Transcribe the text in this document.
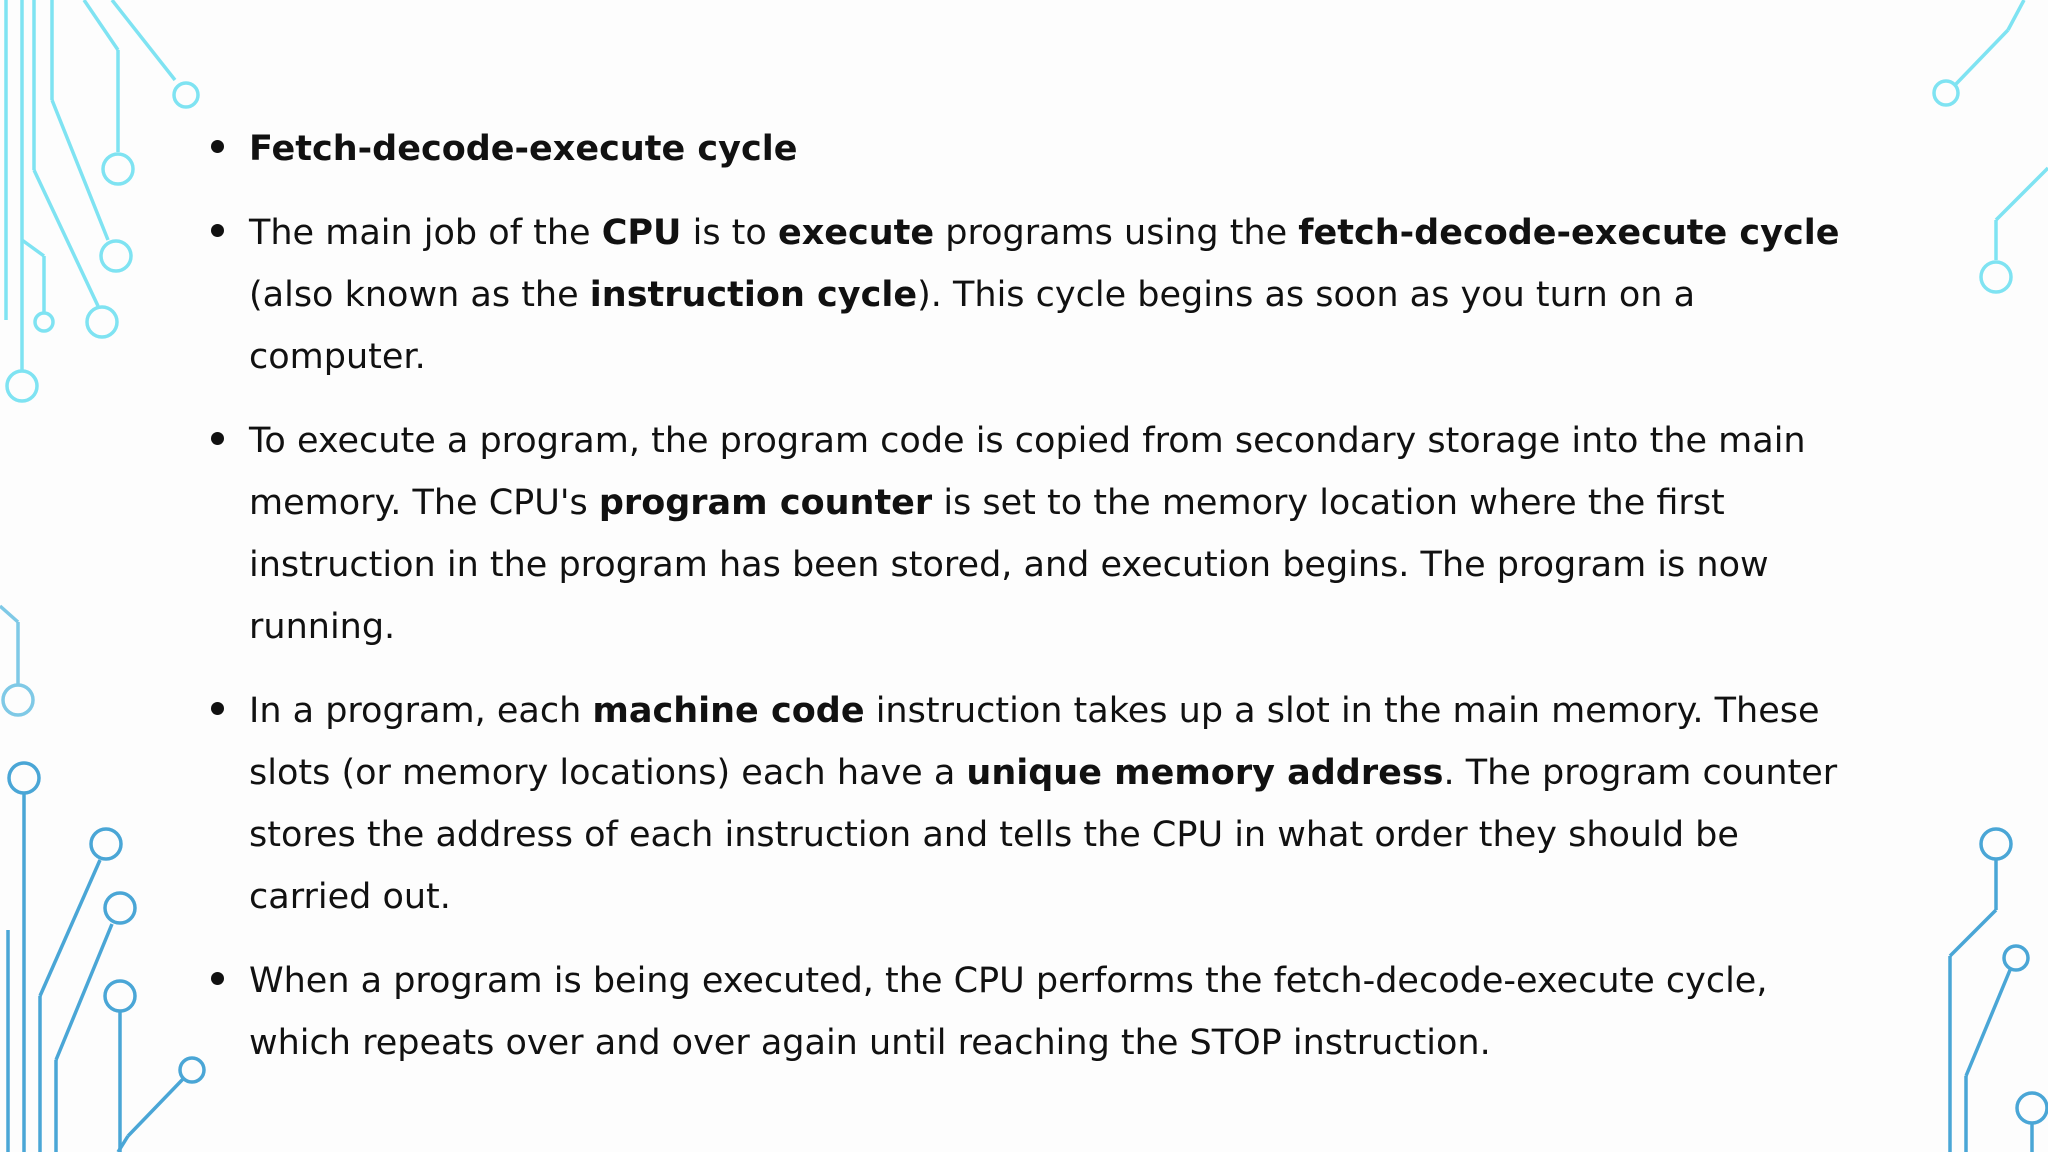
Fetch-decode-execute cycle
The main job of the CPU is to execute programs using the fetch-decode-execute cycle (also known as the instruction cycle). This cycle begins as soon as you turn on a computer.
To execute a program, the program code is copied from secondary storage into the main memory. The CPU's program counter is set to the memory location where the first instruction in the program has been stored, and execution begins. The program is now running.
In a program, each machine code instruction takes up a slot in the main memory. These slots (or memory locations) each have a unique memory address. The program counter stores the address of each instruction and tells the CPU in what order they should be carried out.
When a program is being executed, the CPU performs the fetch-decode-execute cycle, which repeats over and over again until reaching the STOP instruction.
